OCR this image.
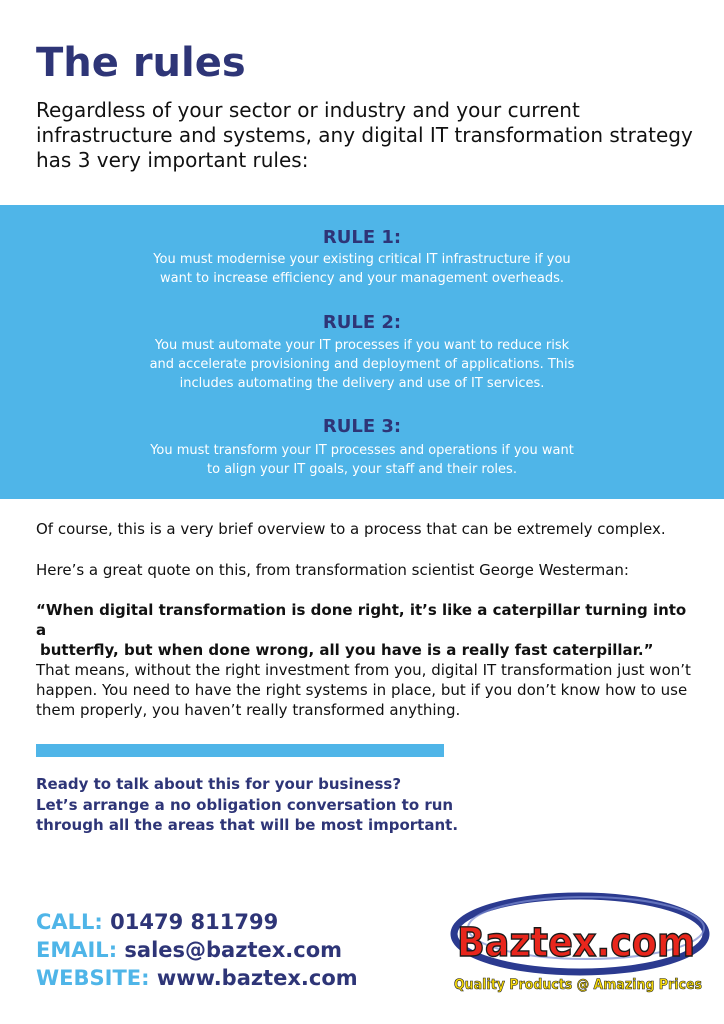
The rules

Regardless of your sector or industry and your current infrastructure and systems, any digital IT transformation strategy has 3 very important rules:

RULE 1:
You must modernise your existing critical IT infrastructure if you
want to increase efficiency and your management overheads.
RULE 2:
You must automate your IT processes if you want to reduce risk
and accelerate provisioning and deployment of applications. This
includes automating the delivery and use of IT services.
RULE 3:
You must transform your IT processes and operations if you want
to align your IT goals, your staff and their roles.

Of course, this is a very brief overview to a process that can be extremely complex.

Here’s a great quote on this, from transformation scientist George Westerman:

“When digital transformation is done right, it’s like a caterpillar turning into a
butterfly, but when done wrong, all you have is a really fast caterpillar.”

That means, without the right investment from you, digital IT transformation just won’t happen. You need to have the right systems in place, but if you don’t know how to use them properly, you haven’t really transformed anything.

Ready to talk about this for your business?
Let’s arrange a no obligation conversation to run
through all the areas that will be most important.
CALL: 01479 811799
EMAIL: sales@baztex.com
WEBSITE: www.baztex.com
Baztex.com
Quality Products @ Amazing Prices
